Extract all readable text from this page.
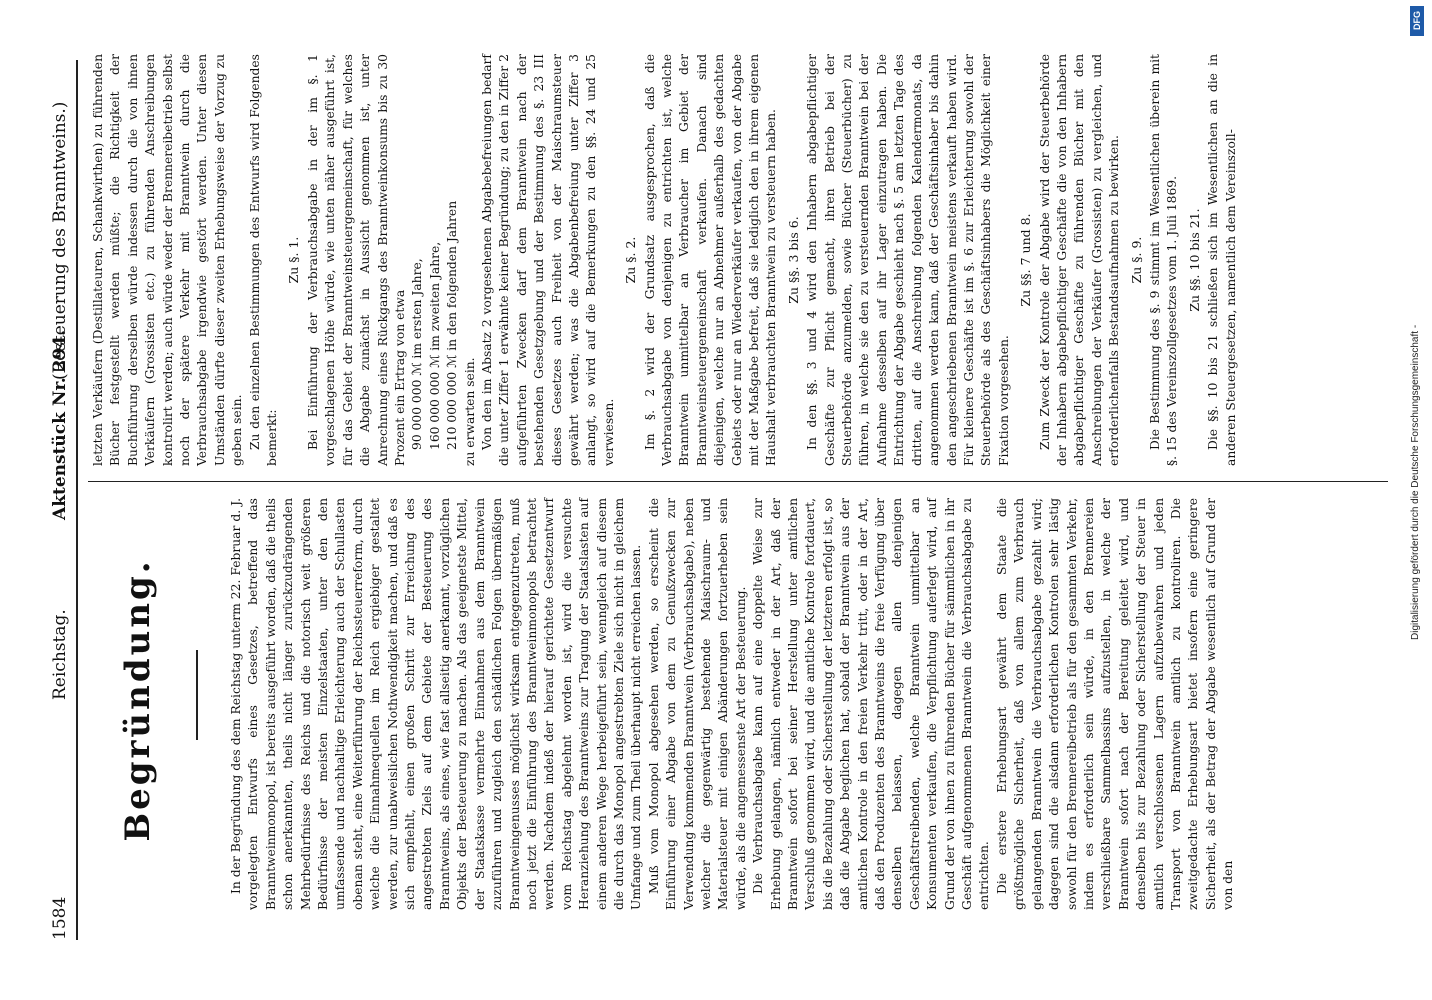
1584
Reichstag.
Aktenstück Nr. 294.
(Besteuerung des Branntweins.)
Begründung.	In der Begründung des dem Reichstag unterm 22. Februar d. J. vorgelegten Entwurfs eines Gesetzes, betreffend das Branntweinmonopol, ist bereits ausgeführt worden, daß die theils schon anerkannten, theils nicht länger zurückzudrängenden Mehrbedürfnisse des Reichs und die notorisch weit größeren Bedürfnisse der meisten Einzelstaaten, unter den den umfassende und nachhaltige Erleichterung auch der Schullasten obenan steht, eine Weiterführung der Reichssteuerreform, durch welche die Einnahmequellen im Reich ergiebiger gestaltet werden, zur unabweislichen Nothwendigkeit machen, und daß es sich empfiehlt, einen großen Schritt zur Erreichung des angestrebten Ziels auf dem Gebiete der Besteuerung des Branntweins, als eines, wie fast allseitig anerkannt, vorzüglichen Objekts der Besteuerung zu machen. Als das geeignetste Mittel, der Staatskasse vermehrte Einnahmen aus dem Branntwein zuzuführen und zugleich den schädlichen Folgen übermäßigen Branntweingenusses möglichst wirksam entgegenzutreten, muß noch jetzt die Einführung des Branntweinmonopols betrachtet werden. Nachdem indeß der hierauf gerichtete Gesetzentwurf vom Reichstag abgelehnt worden ist, wird die versuchte Heranziehung des Branntweins zur Tragung der Staatslasten auf einem anderen Wege herbeigeführt sein, wenngleich auf diesem die durch das Monopol angestrebten Ziele sich nicht in gleichem Umfange und zum Theil überhaupt nicht erreichen lassen. Muß vom Monopol abgesehen werden, so erscheint die Einführung einer Abgabe von dem zu Genußzwecken zur Verwendung kommenden Branntwein (Verbrauchsabgabe), neben welcher die gegenwärtig bestehende Maischraum- und Materialsteuer mit einigen Abänderungen fortzuerheben sein würde, als die angemessenste Art der Besteuerung. Die Verbrauchsabgabe kann auf eine doppelte Weise zur Erhebung gelangen, nämlich entweder in der Art, daß der Branntwein sofort bei seiner Herstellung unter amtlichen Verschluß genommen wird, und die amtliche Kontrole fortdauert, bis die Bezahlung oder Sicherstellung der letzteren erfolgt ist, so daß die Abgabe beglichen hat, sobald der Branntwein aus der amtlichen Kontrole in den freien Verkehr tritt, oder in der Art, daß den Produzenten des Branntweins die freie Verfügung über denselben belassen, dagegen allen denjenigen Geschäftstreibenden, welche Branntwein unmittelbar an Konsumenten verkaufen, die Verpflichtung auferlegt wird, auf Grund der von ihnen zu führenden Bücher für sämmtlichen in ihr Geschäft aufgenommenen Branntwein die Verbrauchsabgabe zu entrichten. Die erstere Erhebungsart gewährt dem Staate die größtmögliche Sicherheit, daß von allem zum Verbrauch gelangenden Branntwein die Verbrauchsabgabe gezahlt wird; dagegen sind die alsdann erforderlichen Kontrolen sehr lästig sowohl für den Brennereibetrieb als für den gesammten Verkehr, indem es erforderlich sein würde, in den Brennereien verschließbare Sammelbassins aufzustellen, in welche der Branntwein sofort nach der Bereitung geleitet wird, und denselben bis zur Bezahlung oder Sicherstellung der Steuer in amtlich verschlossenen Lagern aufzubewahren und jeden Transport von Branntwein amtlich zu kontroliren. Die zweitgedachte Erhebungsart bietet insofern eine geringere Sicherheit, als der Betrag der Abgabe wesentlich auf Grund der von den

letzten Verkäufern (Destillateuren, Schankwirthen) zu führenden Bücher festgestellt werden müßte; die Richtigkeit der Buchführung derselben würde indessen durch die von ihnen Verkäufern (Grossisten etc.) zu führenden Anschreibungen kontrolirt werden; auch würde weder der Brennereibetrieb selbst noch der spätere Verkehr mit Branntwein durch die Verbrauchsabgabe irgendwie gestört werden. Unter diesen Umständen dürfte dieser zweiten Erhebungsweise der Vorzug zu geben sein. Zu den einzelnen Bestimmungen des Entwurfs wird Folgendes bemerkt:

Zu §. 1. Bei Einführung der Verbrauchsabgabe in der im §. 1 vorgeschlagenen Höhe würde, wie unten näher ausgeführt ist, für das Gebiet der Branntweinsteuergemeinschaft, für welches die Abgabe zunächst in Aussicht genommen ist, unter Anrechnung eines Rückgangs des Branntweinkonsums bis zu 30 Prozent ein Ertrag von etwa 90 000 000 ℳ im ersten Jahre, 160 000 000 ℳ im zweiten Jahre, 210 000 000 ℳ in den folgenden Jahren zu erwarten sein. Von den im Absatz 2 vorgesehenen Abgabebefreiungen bedarf die unter Ziffer 1 erwähnte keiner Begründung; zu den in Ziffer 2 aufgeführten Zwecken darf dem Branntwein nach der bestehenden Gesetzgebung und der Bestimmung des §. 23 III dieses Gesetzes auch Freiheit von der Maischraumsteuer gewährt werden; was die Abgabenbefreiung unter Ziffer 3 anlangt, so wird auf die Bemerkungen zu den §§. 24 und 25 verwiesen.

Zu §. 2. Im §. 2 wird der Grundsatz ausgesprochen, daß die Verbrauchsabgabe von denjenigen zu entrichten ist, welche Branntwein unmittelbar an Verbraucher im Gebiet der Branntweinsteuergemeinschaft verkaufen. Danach sind diejenigen, welche nur an Abnehmer außerhalb des gedachten Gebiets oder nur an Wiederverkäufer verkaufen, von der Abgabe mit der Maßgabe befreit, daß sie lediglich den in ihrem eigenen Haushalt verbrauchten Branntwein zu versteuern haben. Zu §§. 3 bis 6. In den §§. 3 und 4 wird den Inhabern abgabepflichtiger Geschäfte zur Pflicht gemacht, ihren Betrieb bei der Steuerbehörde anzumelden, sowie Bücher (Steuerbücher) zu führen, in welche sie den zu versteuernden Branntwein bei der Aufnahme desselben auf ihr Lager einzutragen haben. Die Entrichtung der Abgabe geschieht nach §. 5 am letzten Tage des dritten, auf die Anschreibung folgenden Kalendermonats, da angenommen werden kann, daß der Geschäftsinhaber bis dahin den angeschriebenen Branntwein meistens verkauft haben wird. Für kleinere Geschäfte ist im §. 6 zur Erleichterung sowohl der Steuerbehörde als des Geschäftsinhabers die Möglichkeit einer Fixation vorgesehen.

Zu §§. 7 und 8. Zum Zweck der Kontrole der Abgabe wird der Steuerbehörde der Inhabern abgabepflichtiger Geschäfte die von den Inhabern abgabepflichtiger Geschäfte zu führenden Bücher mit den Anschreibungen der Verkäufer (Grossisten) zu vergleichen, und erforderlichenfalls Bestandsaufnahmen zu bewirken. Zu §. 9. Die Bestimmung des §. 9 stimmt im Wesentlichen überein mit §. 15 des Vereinszollgesetzes vom 1. Juli 1869. Zu §§. 10 bis 21. Die §§. 10 bis 21 schließen sich im Wesentlichen an die in anderen Steuergesetzen, namentlich dem Vereinszoll-

DFG
Digitalisierung gefördert durch die Deutsche Forschungsgemeinschaft -
